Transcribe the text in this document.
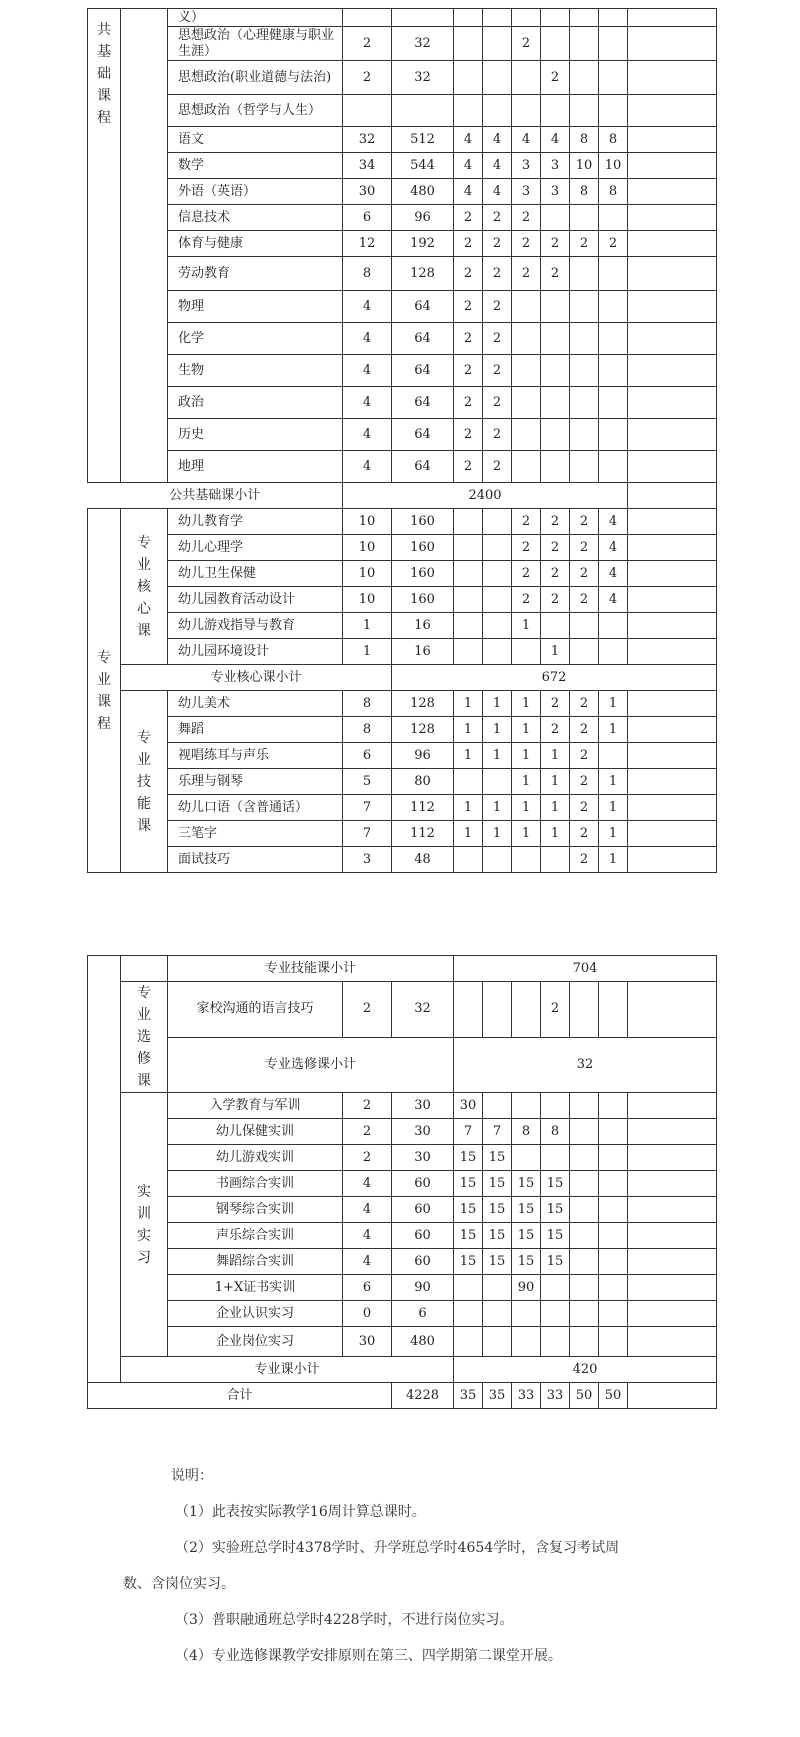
共
基
础
课
程		义）										
		思想政治（心理健康与职业生涯）	2	32			2					
		思想政治(职业道德与法治)	2	32				2				
		思想政治（哲学与人生）										
		语文	32	512	4	4	4	4	8	8		
		数学	34	544	4	4	3	3	10	10		
		外语（英语）	30	480	4	4	3	3	8	8		
		信息技术	6	96	2	2	2					
		体育与健康	12	192	2	2	2	2	2	2		
		劳动教育	8	128	2	2	2	2				
		物理	4	64	2	2						
		化学	4	64	2	2						
		生物	4	64	2	2						
		政治	4	64	2	2						
		历史	4	64	2	2						
		地理	4	64	2	2						
公共基础课小计			2400									
专
业
课
程	专
业
核
心
课	幼儿教育学	10	160			2	2	2	4		
		幼儿心理学	10	160			2	2	2	4		
		幼儿卫生保健	10	160			2	2	2	4		
		幼儿园教育活动设计	10	160			2	2	2	4		
		幼儿游戏指导与教育	1	16			1					
		幼儿园环境设计	1	16				1				
	专业核心课小计			672								
	专
业
技
能
课	幼儿美术	8	128	1	1	1	2	2	1		
		舞蹈	8	128	1	1	1	2	2	1		
		视唱练耳与声乐	6	96	1	1	1	1	2			
		乐理与钢琴	5	80			1	1	2	1		
		幼儿口语（含普通话）	7	112	1	1	1	1	2	1		
		三笔字	7	112	1	1	1	1	2	1		
		面试技巧	3	48					2	1		
		专业技能课小计			704						
	专
业
选
修
课	家校沟通的语言技巧	2	32				2			
		专业选修课小计			32						
	实
训
实
习	入学教育与军训	2	30	30						
		幼儿保健实训	2	30	7	7	8	8			
		幼儿游戏实训	2	30	15	15					
		书画综合实训	4	60	15	15	15	15			
		钢琴综合实训	4	60	15	15	15	15			
		声乐综合实训	4	60	15	15	15	15			
		舞蹈综合实训	4	60	15	15	15	15			
		1+X证书实训	6	90			90				
		企业认识实习	0	6							
		企业岗位实习	30	480							
	专业课小计				420						
合计				4228	35	35	33	33	50	50	

说明：

（1）此表按实际教学16周计算总课时。

（2）实验班总学时4378学时、升学班总学时4654学时，含复习考试周

数、含岗位实习。

（3）普职融通班总学时4228学时，不进行岗位实习。

（4）专业选修课教学安排原则在第三、四学期第二课堂开展。
